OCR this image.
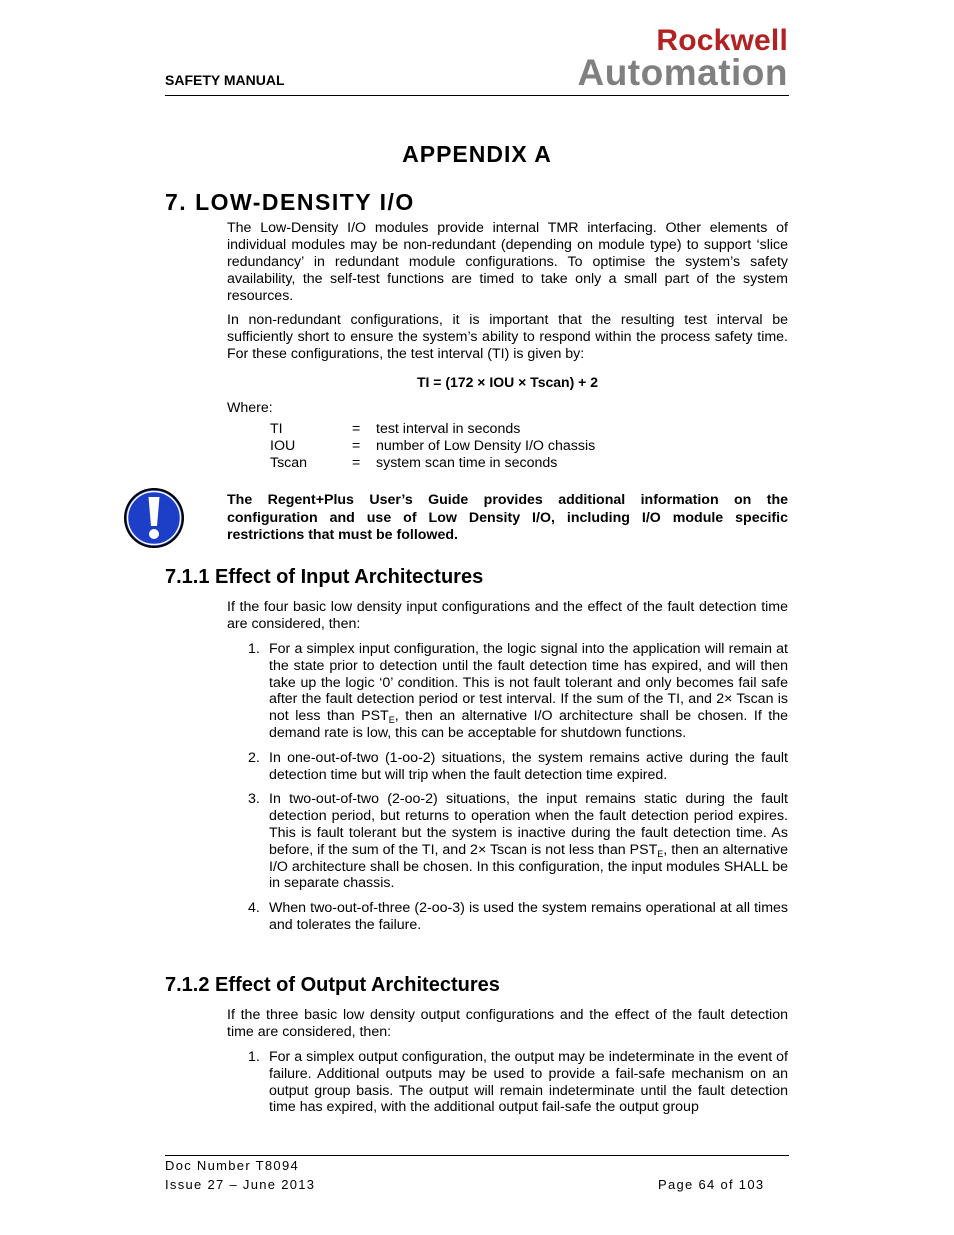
SAFETY MANUAL
Rockwell
Automation
APPENDIX A
7. LOW-DENSITY I/O
The Low-Density I/O modules provide internal TMR interfacing. Other elements of individual modules may be non-redundant (depending on module type) to support ‘slice redundancy’ in redundant module configurations. To optimise the system’s safety availability, the self-test functions are timed to take only a small part of the system resources.
In non-redundant configurations, it is important that the resulting test interval be sufficiently short to ensure the system’s ability to respond within the process safety time. For these configurations, the test interval (TI) is given by:
TI = (172 × IOU × Tscan) + 2
Where:
TI	=	test interval in seconds
IOU	=	number of Low Density I/O chassis
Tscan	=	system scan time in seconds
The Regent+Plus User’s Guide provides additional information on the configuration and use of Low Density I/O, including I/O module specific restrictions that must be followed.
7.1.1 Effect of Input Architectures
If the four basic low density input configurations and the effect of the fault detection time are considered, then:
1. For a simplex input configuration, the logic signal into the application will remain at the state prior to detection until the fault detection time has expired, and will then take up the logic ‘0’ condition. This is not fault tolerant and only becomes fail safe after the fault detection period or test interval. If the sum of the TI, and 2× Tscan is not less than $PST_E$, then an alternative I/O architecture shall be chosen. If the demand rate is low, this can be acceptable for shutdown functions.
2. In one-out-of-two (1-oo-2) situations, the system remains active during the fault detection time but will trip when the fault detection time expired.
3. In two-out-of-two (2-oo-2) situations, the input remains static during the fault detection period, but returns to operation when the fault detection period expires. This is fault tolerant but the system is inactive during the fault detection time. As before, if the sum of the TI, and 2× Tscan is not less than $PST_E$, then an alternative I/O architecture shall be chosen. In this configuration, the input modules SHALL be in separate chassis.
4. When two-out-of-three (2-oo-3) is used the system remains operational at all times and tolerates the failure.
7.1.2 Effect of Output Architectures
If the three basic low density output configurations and the effect of the fault detection time are considered, then:
1. For a simplex output configuration, the output may be indeterminate in the event of failure. Additional outputs may be used to provide a fail-safe mechanism on an output group basis. The output will remain indeterminate until the fault detection time has expired, with the additional output fail-safe the output group
Doc Number T8094
Issue 27 – June 2013	Page 64 of 103
